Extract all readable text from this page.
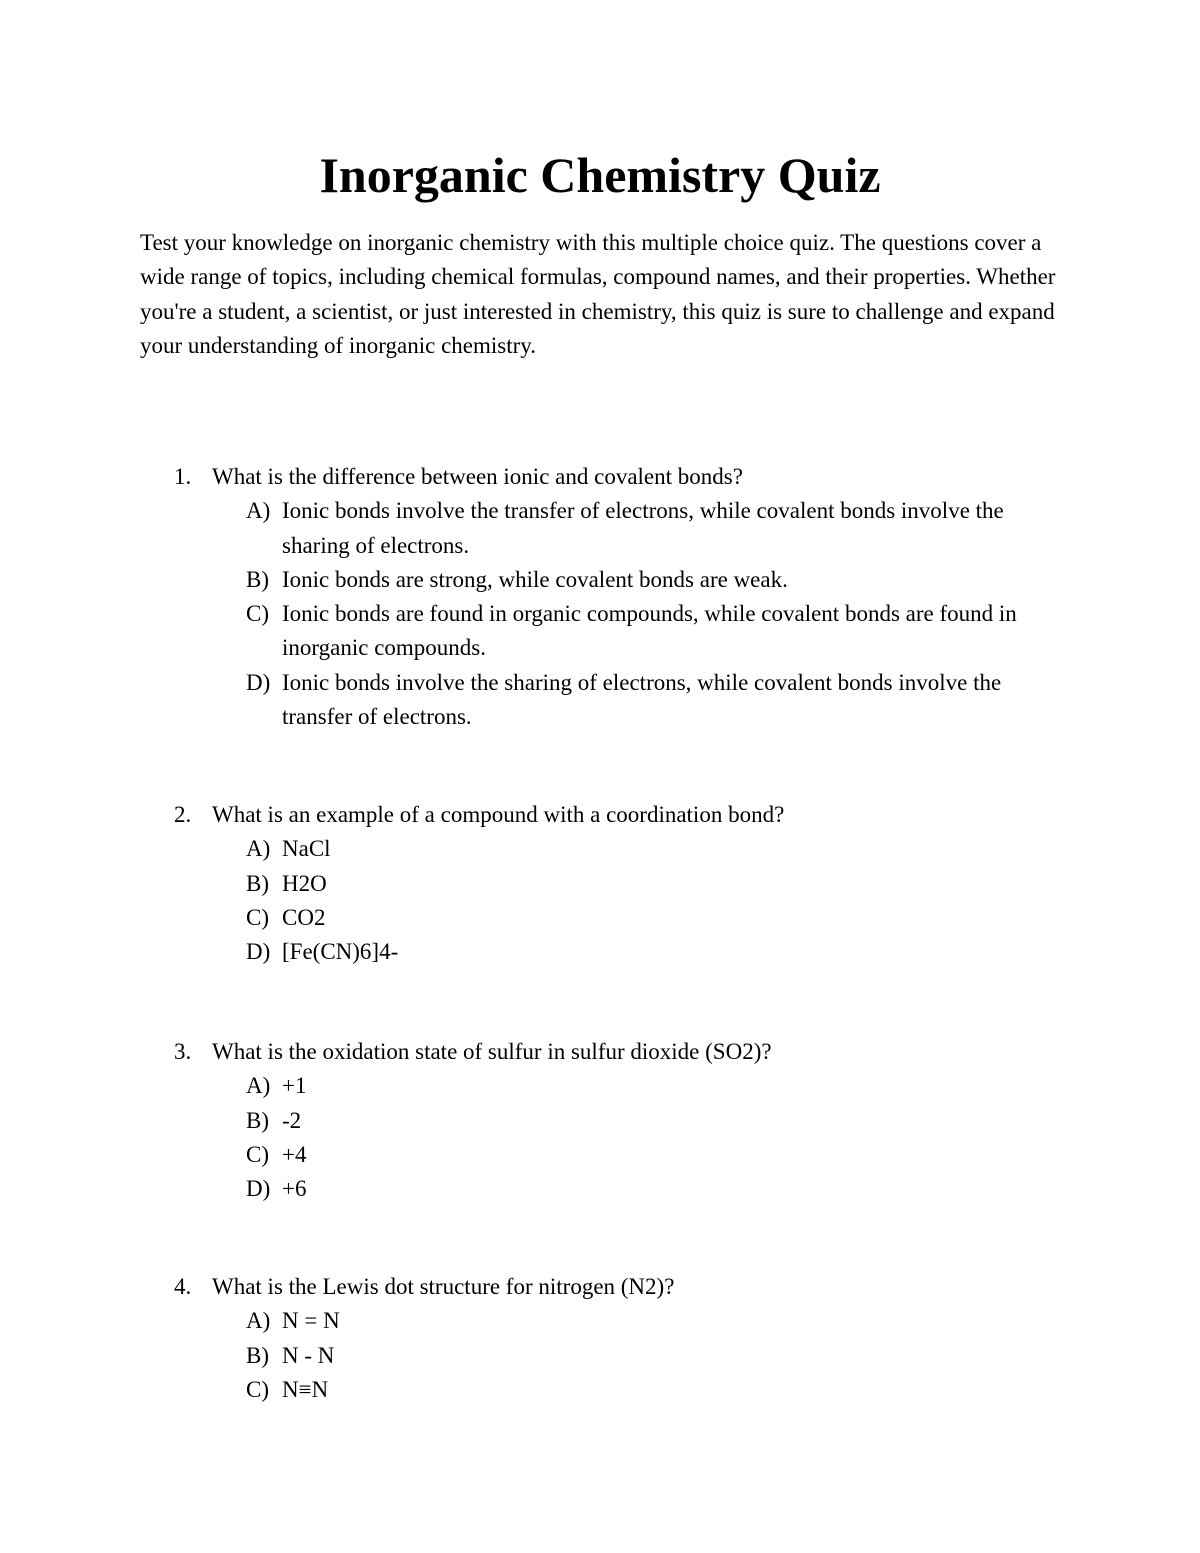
Inorganic Chemistry Quiz

Test your knowledge on inorganic chemistry with this multiple choice quiz. The questions cover a wide range of topics, including chemical formulas, compound names, and their properties. Whether you're a student, a scientist, or just interested in chemistry, this quiz is sure to challenge and expand your understanding of inorganic chemistry.

1. What is the difference between ionic and covalent bonds?
A) Ionic bonds involve the transfer of electrons, while covalent bonds involve the sharing of electrons.
B) Ionic bonds are strong, while covalent bonds are weak.
C) Ionic bonds are found in organic compounds, while covalent bonds are found in inorganic compounds.
D) Ionic bonds involve the sharing of electrons, while covalent bonds involve the transfer of electrons.
2. What is an example of a compound with a coordination bond?
A) NaCl
B) H2O
C) CO2
D) [Fe(CN)6]4-
3. What is the oxidation state of sulfur in sulfur dioxide (SO2)?
A) +1
B) -2
C) +4
D) +6
4. What is the Lewis dot structure for nitrogen (N2)?
A) N = N
B) N - N
C) N≡N
